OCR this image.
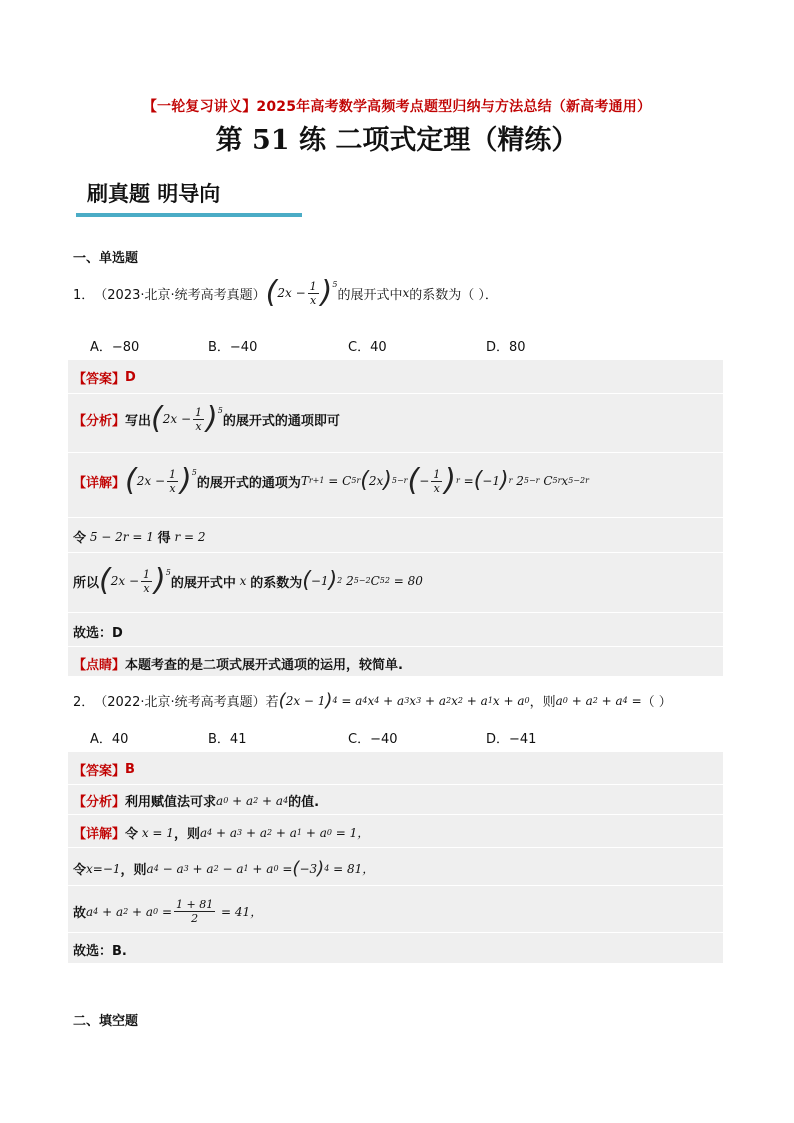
【一轮复习讲义】2025年高考数学高频考点题型归纳与方法总结（新高考通用）
第 51 练 二项式定理（精练）
刷真题 明导向
一、单选题
1． （2023·北京·统考高考真题） ( $2x - \frac{1}{x}$ ) 5
的展开式中 x 的系数为（ ）．
A．−80	B．−40	C．40	D．80
【答案】 D
【分析】 写出 ( $2x - \frac{1}{x}$ ) 5
的展开式的通项即可
【详解】 ( $2x - \frac{1}{x}$ ) 5
的展开式的通项为 T r+1 = C 5 r ( 2x ) 5−r ( − $\frac{1}{x}$ ) r = ( −1 ) r 2 5−r C 5 r x 5−2r
令 5 − 2r = 1 得 r = 2
所以 ( $2x - \frac{1}{x}$ ) 5
的展开式中 x 的系数为 ( −1 ) 2 2 5−2 C 5 2
= 80
故选：D
【点睛】 本题考查的是二项式展开式通项的运用，较简单.
2． （2022·北京·统考高考真题） 若 ( 2x − 1 ) 4 = a 4 x 4 + a 3 x 3 + a 2 x 2 + a 1 x + a 0 ，则 a 0 + a 2 + a 4 = （ ）
A．40	B．41	C．−40	D．−41
【答案】 B
【分析】 利用赋值法可求 a 0 + a 2 + a 4 的值.
【详解】 令 x = 1 ，则 a 4 + a 3 + a 2 + a 1 + a 0 = 1，
令 x=−1 ，则 a 4 − a 3 + a 2 − a 1 + a 0 = ( −3 ) 4 = 81，
故 a 4 + a 2 + a $0 = \frac{1 + 81}{2} = 41$，
故选：B.
二、填空题
